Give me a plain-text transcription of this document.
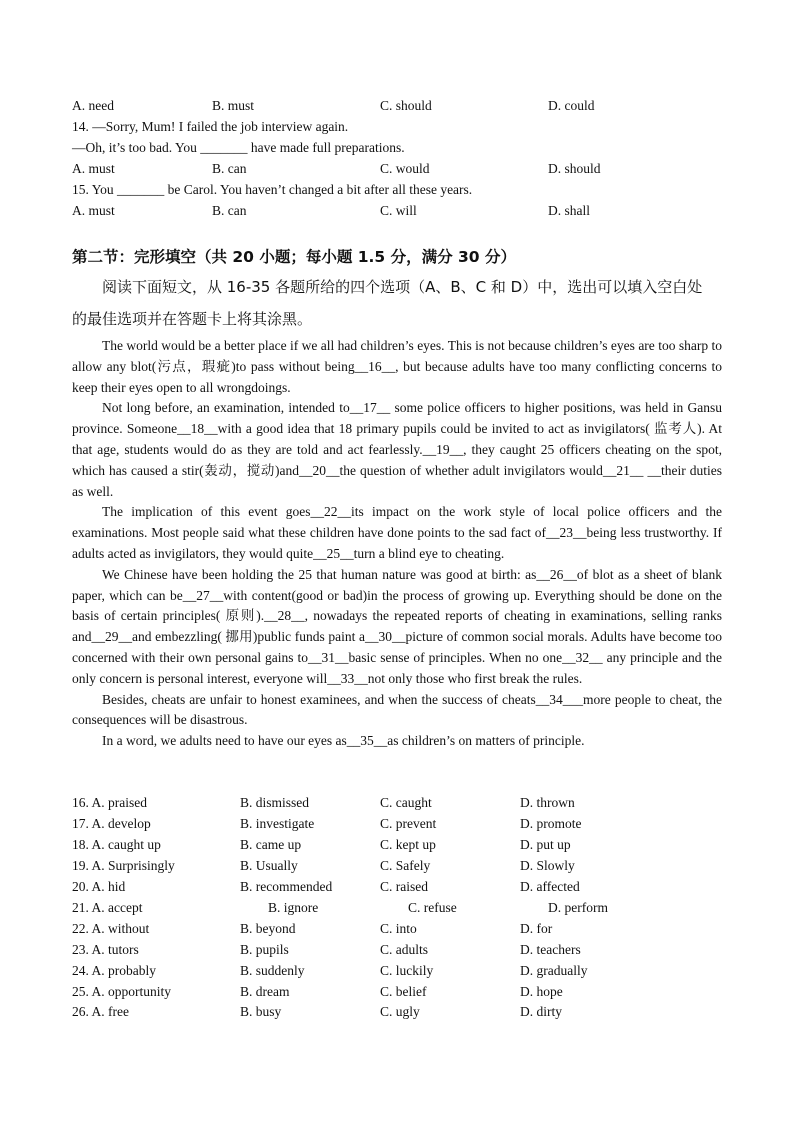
A. need	B. must	C. should	D. could
14. —Sorry, Mum! I failed the job interview again.
—Oh, it’s too bad. You _______ have made full preparations.
A. must	B. can	C. would	D. should
15. You _______ be Carol. You haven’t changed a bit after all these years.
A. must	B. can	C. will	D. shall
第二节：完形填空（共 20 小题；每小题 1.5 分，满分 30 分）
阅读下面短文，从 16-35 各题所给的四个选项（A、B、C 和 D）中，选出可以填入空白处
的最佳选项并在答题卡上将其涂黑。

The world would be a better place if we all had children’s eyes. This is not because children’s eyes are too sharp to allow any blot(污点，瑕疵)to pass without being__16__, but because adults have too many conflicting concerns to keep their eyes open to all wrongdoings.

Not long before, an examination, intended to__17__ some police officers to higher positions, was held in Gansu province. Someone__18__with a good idea that 18 primary pupils could be invited to act as invigilators( 监考人). At that age, students would do as they are told and act fearlessly.__19__, they caught 25 officers cheating on the spot, which has caused a stir(轰动，搅动)and__20__the question of whether adult invigilators would__21__ __their duties as well.

The implication of this event goes__22__its impact on the work style of local police officers and the examinations. Most people said what these children have done points to the sad fact of__23__being less trustworthy. If adults acted as invigilators, they would quite__25__turn a blind eye to cheating.

We Chinese have been holding the 25 that human nature was good at birth: as__26__of blot as a sheet of blank paper, which can be__27__with content(good or bad)in the process of growing up. Everything should be done on the basis of certain principles( 原则).__28__, nowadays the repeated reports of cheating in examinations, selling ranks and__29__and embezzling( 挪用)public funds paint a__30__picture of common social morals. Adults have become too concerned with their own personal gains to__31__basic sense of principles. When no one__32__ any principle and the only concern is personal interest, everyone will__33__not only those who first break the rules.

Besides, cheats are unfair to honest examinees, and when the success of cheats__34___more people to cheat, the consequences will be disastrous.

In a word, we adults need to have our eyes as__35__as children’s on matters of principle.

16. A. praised	B. dismissed	C. caught	D. thrown
17. A. develop	B. investigate	C. prevent	D. promote
18. A. caught up	B. came up	C. kept up	D. put up
19. A. Surprisingly	B. Usually	C. Safely	D. Slowly
20. A. hid	B. recommended	C. raised	D. affected
21. A. accept	B. ignore	C. refuse	D. perform
22. A. without	B. beyond	C. into	D. for
23. A. tutors	B. pupils	C. adults	D. teachers
24. A. probably	B. suddenly	C. luckily	D. gradually
25. A. opportunity	B. dream	C. belief	D. hope
26. A. free	B. busy	C. ugly	D. dirty
